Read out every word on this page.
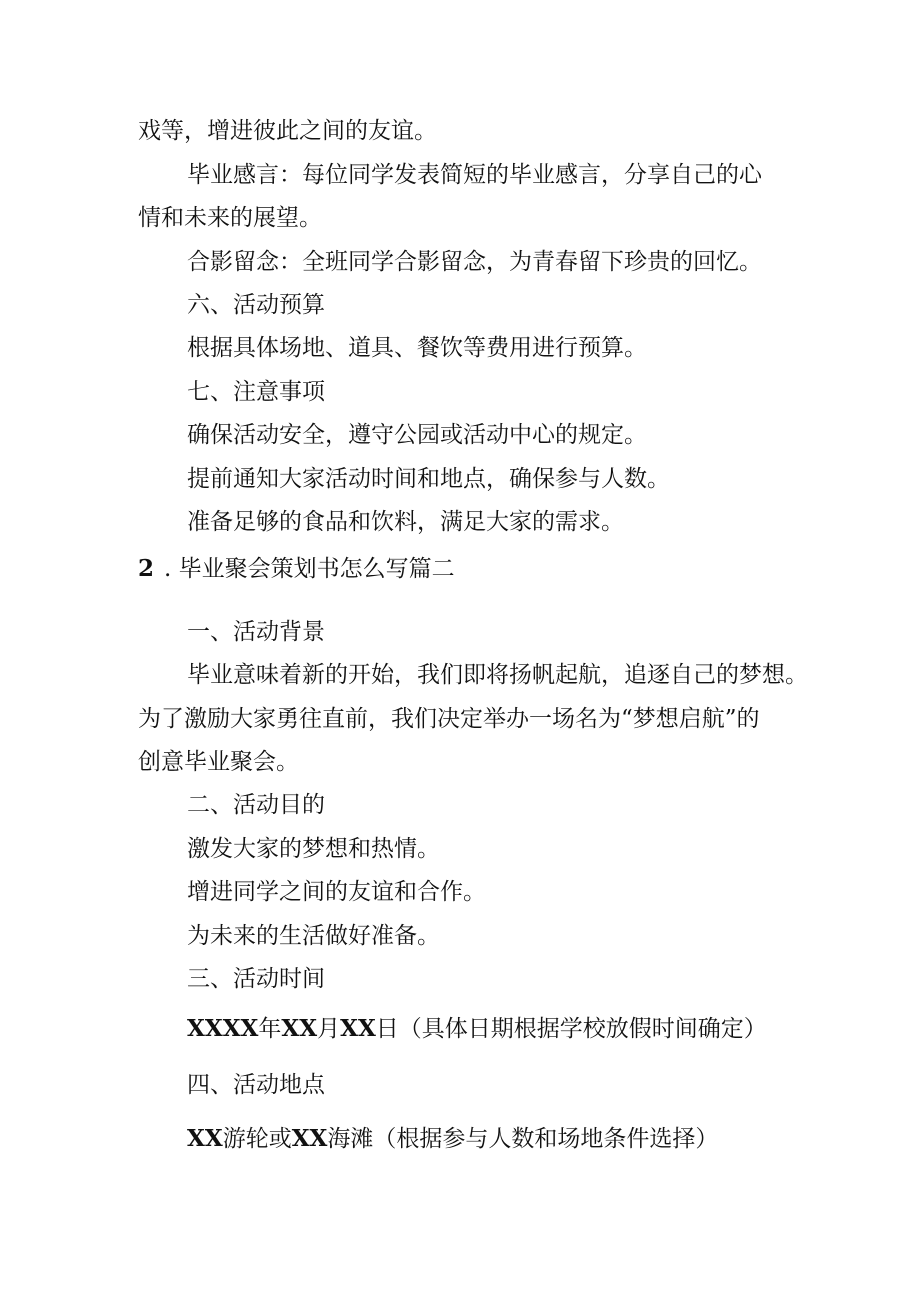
戏等，增进彼此之间的友谊。
毕业感言：每位同学发表简短的毕业感言，分享自己的心
情和未来的展望。
合影留念：全班同学合影留念，为青春留下珍贵的回忆。
六、活动预算
根据具体场地、道具、餐饮等费用进行预算。
七、注意事项
确保活动安全，遵守公园或活动中心的规定。
提前通知大家活动时间和地点，确保参与人数。
准备足够的食品和饮料，满足大家的需求。
2 . 毕业聚会策划书怎么写篇二
一、活动背景
毕业意味着新的开始，我们即将扬帆起航，追逐自己的梦想。
为了激励大家勇往直前，我们决定举办一场名为“梦想启航”的
创意毕业聚会。
二、活动目的
激发大家的梦想和热情。
增进同学之间的友谊和合作。
为未来的生活做好准备。
三、活动时间
XXXX年XX月XX日（具体日期根据学校放假时间确定）
四、活动地点
XX游轮或XX海滩（根据参与人数和场地条件选择）
